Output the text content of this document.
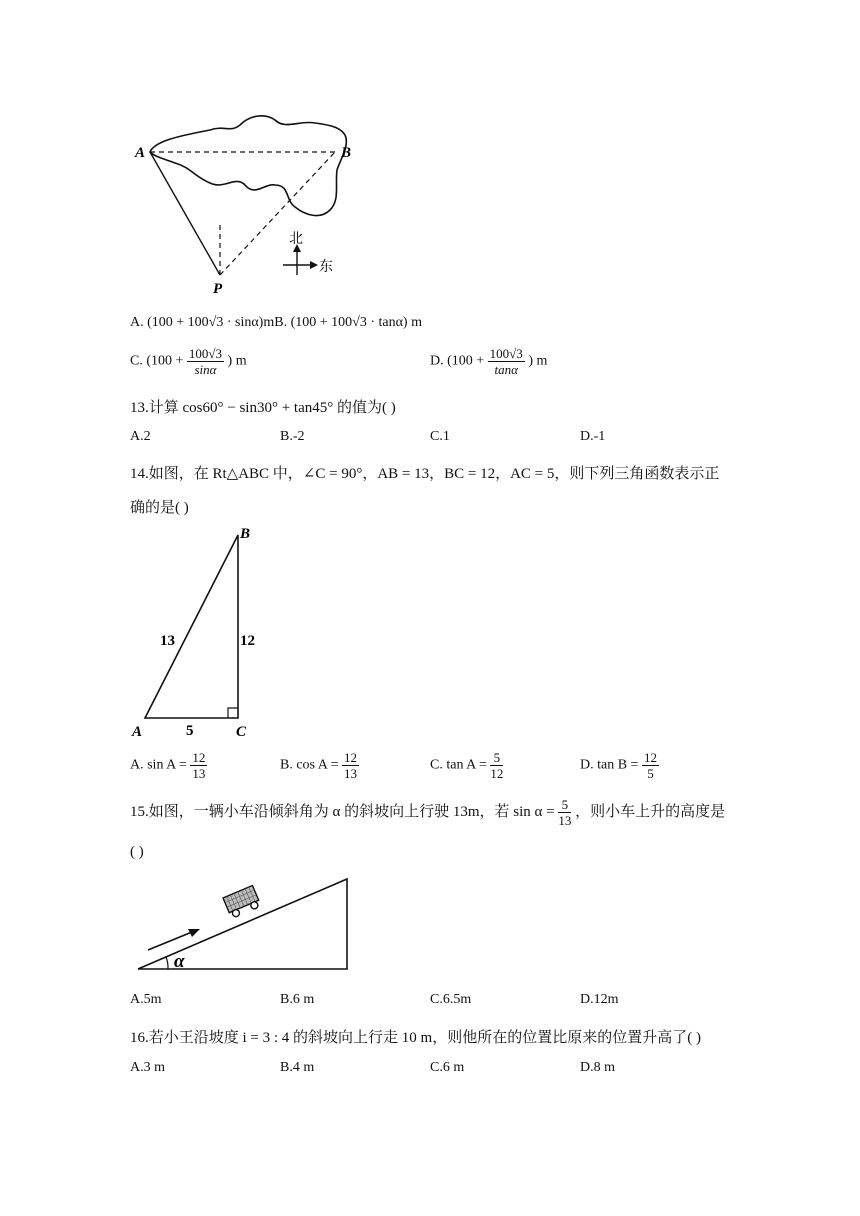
A	B
P
北
东
A. (100 + 100√3 · sinα)mB. (100 + 100√3 · tanα) m
C. ($100 + \frac{100√3}{\sin\alpha}$ ) m	D. ($100 + \frac{100√3}{\tan\alpha}$ ) m
13.计算 cos60° − sin30° + tan45° 的值为( )
A.2	B.-2	C.1	D.-1
14.如图，在 Rt△ABC 中，∠C = 90°，AB = 13，BC = 12，AC = 5，则下列三角函数表示正
确的是( )
B
A	C
13	12
5
A. $\sin A = \frac{12}{13}$	B. $\cos A = \frac{12}{13}$	C. $\tan A = \frac{5}{12}$	D. $\tan B = \frac{12}{5}$
15.如图，一辆小车沿倾斜角为 α 的斜坡向上行驶 13m，若 $\sin \alpha = \frac{5}{13}$ ，则小车上升的高度是
( )
α
A.5m	B.6 m	C.6.5m	D.12m
16.若小王沿坡度 i = 3 : 4 的斜坡向上行走 10 m，则他所在的位置比原来的位置升高了( )
A.3 m	B.4 m	C.6 m	D.8 m
